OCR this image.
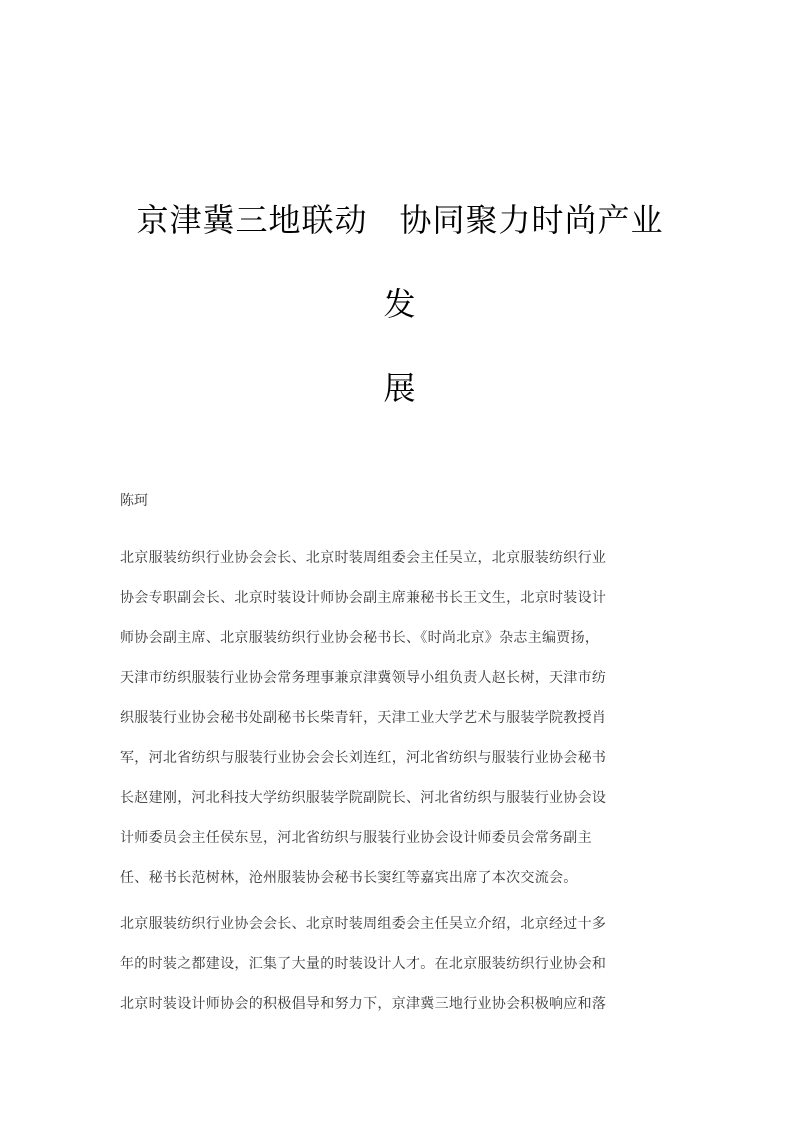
京津冀三地联动 协同聚力时尚产业发
展

陈珂

北京服装纺织行业协会会长、北京时装周组委会主任吴立，北京服装纺织行业
协会专职副会长、北京时装设计师协会副主席兼秘书长王文生，北京时装设计
师协会副主席、北京服装纺织行业协会秘书长、《时尚北京》杂志主编贾扬，
天津市纺织服装行业协会常务理事兼京津冀领导小组负责人赵长树，天津市纺
织服装行业协会秘书处副秘书长柴青轩，天津工业大学艺术与服装学院教授肖
军，河北省纺织与服装行业协会会长刘连红，河北省纺织与服装行业协会秘书
长赵建刚，河北科技大学纺织服装学院副院长、河北省纺织与服装行业协会设
计师委员会主任侯东昱，河北省纺织与服装行业协会设计师委员会常务副主
任、秘书长范树林，沧州服装协会秘书长窦红等嘉宾出席了本次交流会。
北京服装纺织行业协会会长、北京时装周组委会主任吴立介绍，北京经过十多
年的时装之都建设，汇集了大量的时装设计人才。在北京服装纺织行业协会和
北京时装设计师协会的积极倡导和努力下，京津冀三地行业协会积极响应和落
